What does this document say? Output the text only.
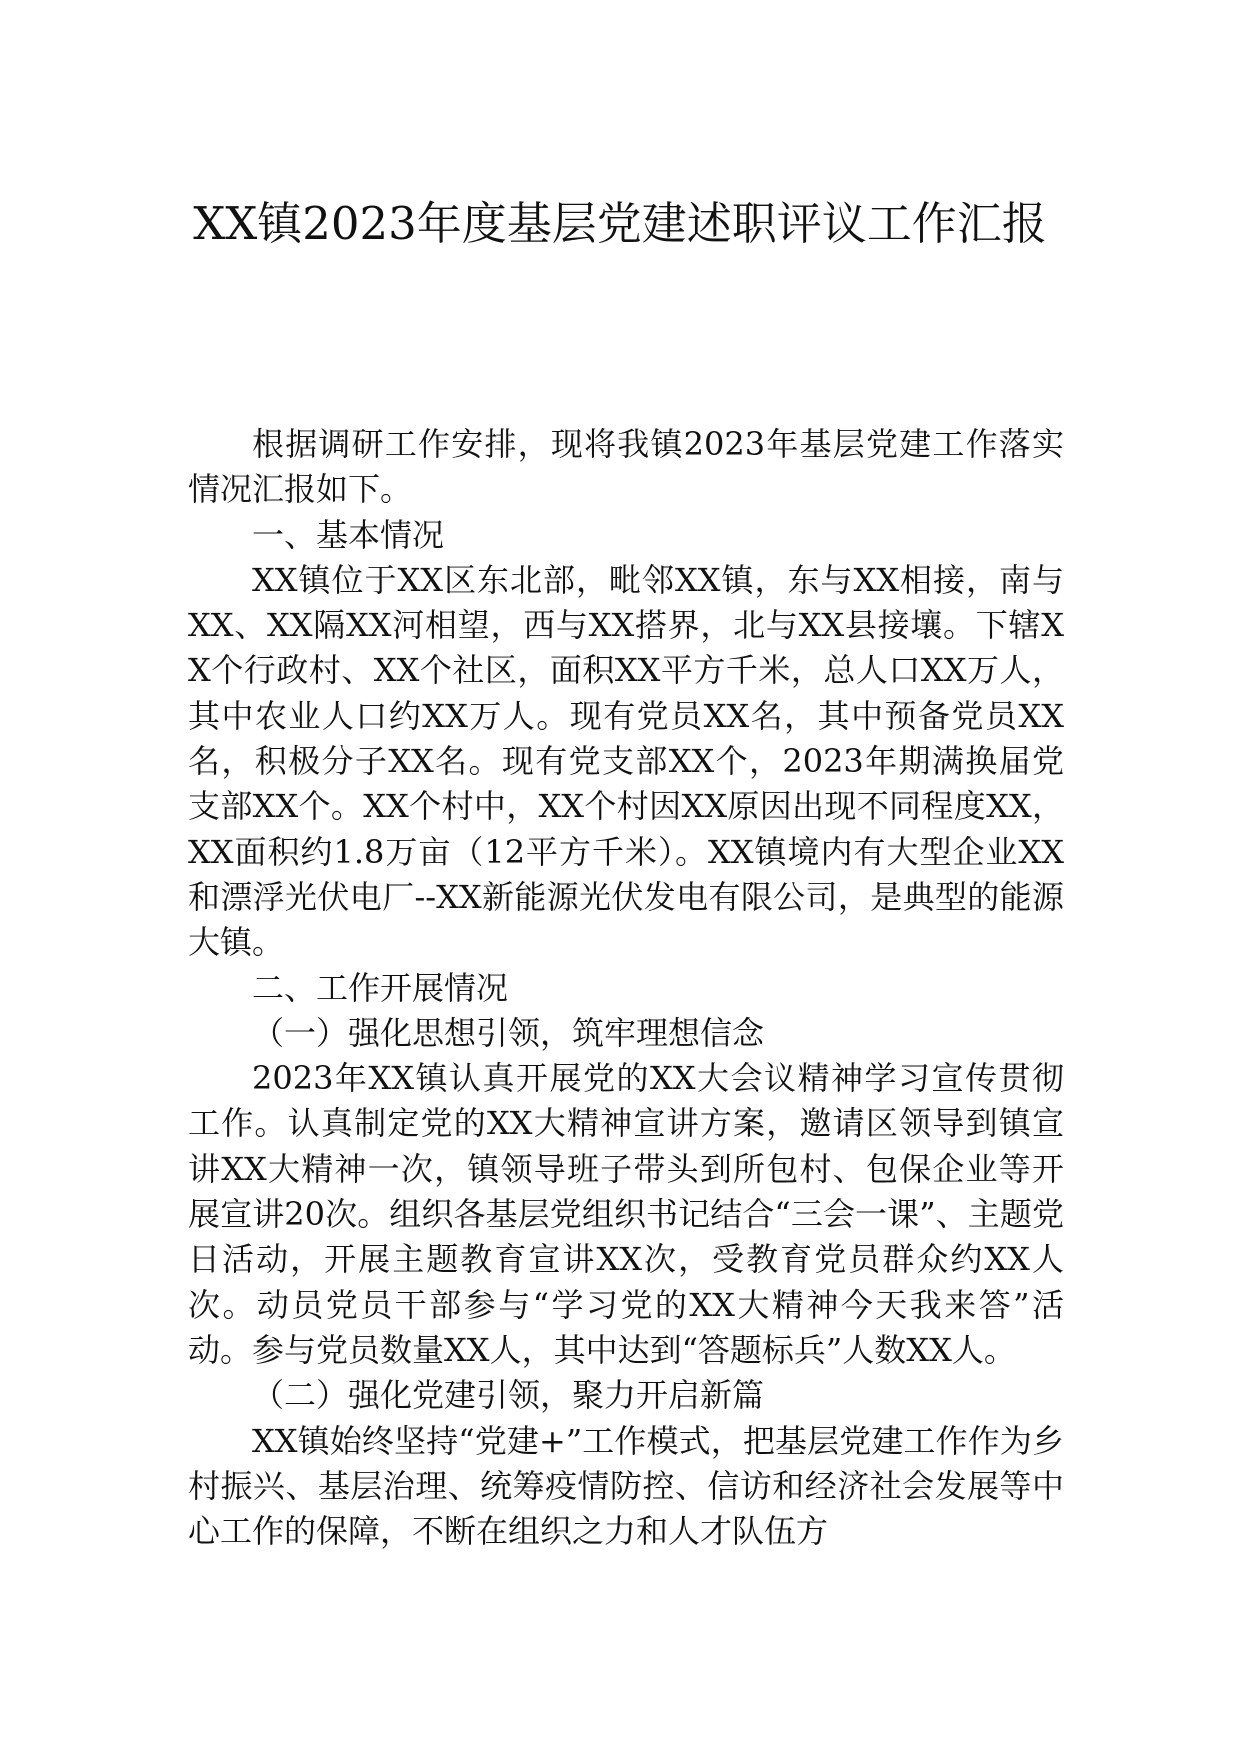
XX镇2023年度基层党建述职评议工作汇报

根据调研工作安排，现将我镇2023年基层党建工作落实情况汇报如下。

一、基本情况

XX镇位于XX区东北部，毗邻XX镇，东与XX相接，南与XX、XX隔XX河相望，西与XX搭界，北与XX县接壤。下辖XX个行政村、XX个社区，面积XX平方千米，总人口XX万人，其中农业人口约XX万人。现有党员XX名，其中预备党员XX名，积极分子XX名。现有党支部XX个，2023年期满换届党支部XX个。XX个村中，XX个村因XX原因出现不同程度XX，XX面积约1.8万亩（12平方千米）。XX镇境内有大型企业XX和漂浮光伏电厂--XX新能源光伏发电有限公司，是典型的能源大镇。

二、工作开展情况

（一）强化思想引领，筑牢理想信念

2023年XX镇认真开展党的XX大会议精神学习宣传贯彻工作。认真制定党的XX大精神宣讲方案，邀请区领导到镇宣讲XX大精神一次，镇领导班子带头到所包村、包保企业等开展宣讲20次。组织各基层党组织书记结合“三会一课”、主题党日活动，开展主题教育宣讲XX次，受教育党员群众约XX人次。动员党员干部参与“学习党的XX大精神今天我来答”活动。参与党员数量XX人，其中达到“答题标兵”人数XX人。

（二）强化党建引领，聚力开启新篇

XX镇始终坚持“党建+”工作模式，把基层党建工作作为乡村振兴、基层治理、统筹疫情防控、信访和经济社会发展等中心工作的保障，不断在组织之力和人才队伍方
